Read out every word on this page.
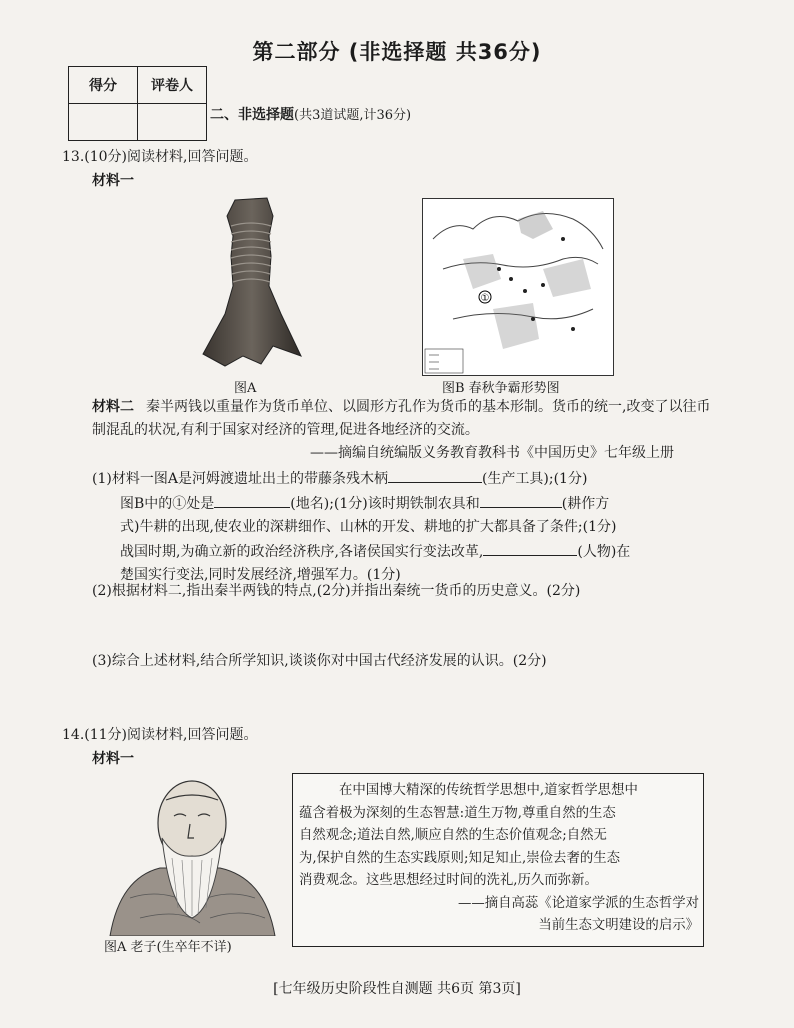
第二部分 (非选择题 共36分)
得分	评卷人

二、非选择题(共3道试题,计36分)
13.(10分)阅读材料,回答问题。
材料一
图A
①
图B 春秋争霸形势图
材料二 秦半两钱以重量作为货币单位、以圆形方孔作为货币的基本形制。货币的统一,改变了以往币制混乱的状况,有利于国家对经济的管理,促进各地经济的交流。
——摘编自统编版义务教育教科书《中国历史》七年级上册
(1)材料一图A是河姆渡遗址出土的带藤条残木柄	(生产工具);(1分)
图B中的①处是	(地名);(1分)该时期铁制农具和	(耕作方
式)牛耕的出现,使农业的深耕细作、山林的开发、耕地的扩大都具备了条件;(1分)
战国时期,为确立新的政治经济秩序,各诸侯国实行变法改革,	(人物)在
楚国实行变法,同时发展经济,增强军力。(1分)
(2)根据材料二,指出秦半两钱的特点,(2分)并指出秦统一货币的历史意义。(2分)
(3)综合上述材料,结合所学知识,谈谈你对中国古代经济发展的认识。(2分)
14.(11分)阅读材料,回答问题。
材料一
图A 老子(生卒年不详)
在中国博大精深的传统哲学思想中,道家哲学思想中
蕴含着极为深刻的生态智慧:道生万物,尊重自然的生态
自然观念;道法自然,顺应自然的生态价值观念;自然无
为,保护自然的生态实践原则;知足知止,崇俭去奢的生态
消费观念。这些思想经过时间的洗礼,历久而弥新。
——摘自高蕊《论道家学派的生态哲学对
当前生态文明建设的启示》
[七年级历史阶段性自测题 共6页 第3页]
